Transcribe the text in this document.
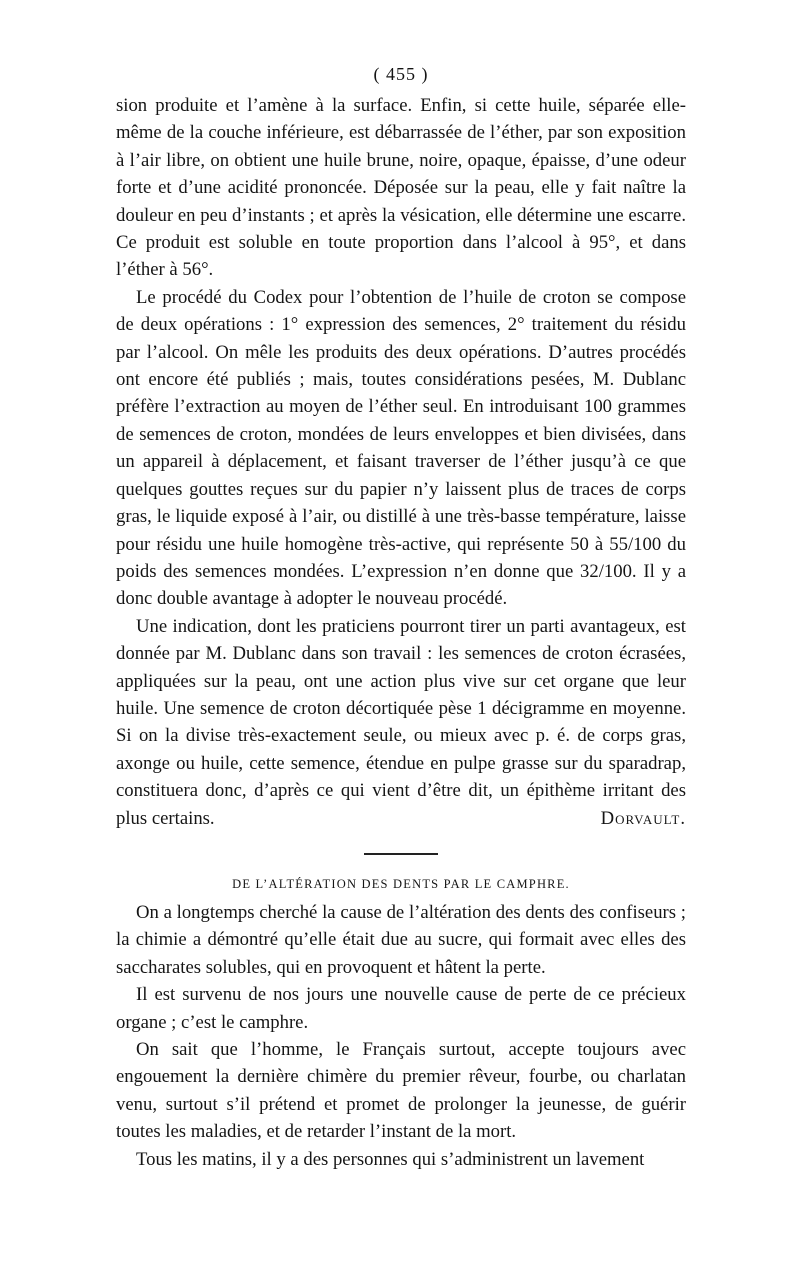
( 455 )

sion produite et l’amène à la surface. Enfin, si cette huile, séparée elle-même de la couche inférieure, est débarrassée de l’éther, par son exposition à l’air libre, on obtient une huile brune, noire, opaque, épaisse, d’une odeur forte et d’une acidité prononcée. Déposée sur la peau, elle y fait naître la douleur en peu d’instants ; et après la vésication, elle détermine une escarre. Ce produit est soluble en toute proportion dans l’alcool à 95°, et dans l’éther à 56°.

Le procédé du Codex pour l’obtention de l’huile de croton se compose de deux opérations : 1° expression des semences, 2° traitement du résidu par l’alcool. On mêle les produits des deux opérations. D’autres procédés ont encore été publiés ; mais, toutes considérations pesées, M. Dublanc préfère l’extraction au moyen de l’éther seul. En introduisant 100 grammes de semences de croton, mondées de leurs enveloppes et bien divisées, dans un appareil à déplacement, et faisant traverser de l’éther jusqu’à ce que quelques gouttes reçues sur du papier n’y laissent plus de traces de corps gras, le liquide exposé à l’air, ou distillé à une très-basse température, laisse pour résidu une huile homogène très-active, qui représente 50 à 55/100 du poids des semences mondées. L’expression n’en donne que 32/100. Il y a donc double avantage à adopter le nouveau procédé.

Une indication, dont les praticiens pourront tirer un parti avantageux, est donnée par M. Dublanc dans son travail : les semences de croton écrasées, appliquées sur la peau, ont une action plus vive sur cet organe que leur huile. Une semence de croton décortiquée pèse 1 décigramme en moyenne. Si on la divise très-exactement seule, ou mieux avec p. é. de corps gras, axonge ou huile, cette semence, étendue en pulpe grasse sur du sparadrap, constituera donc, d’après ce qui vient d’être dit, un épithème irritant des plus certains.	Dorvault.

DE L’ALTÉRATION DES DENTS PAR LE CAMPHRE.

On a longtemps cherché la cause de l’altération des dents des confiseurs ; la chimie a démontré qu’elle était due au sucre, qui formait avec elles des saccharates solubles, qui en provoquent et hâtent la perte.

Il est survenu de nos jours une nouvelle cause de perte de ce précieux organe ; c’est le camphre.

On sait que l’homme, le Français surtout, accepte toujours avec engouement la dernière chimère du premier rêveur, fourbe, ou charlatan venu, surtout s’il prétend et promet de prolonger la jeunesse, de guérir toutes les maladies, et de retarder l’instant de la mort.

Tous les matins, il y a des personnes qui s’administrent un lavement
